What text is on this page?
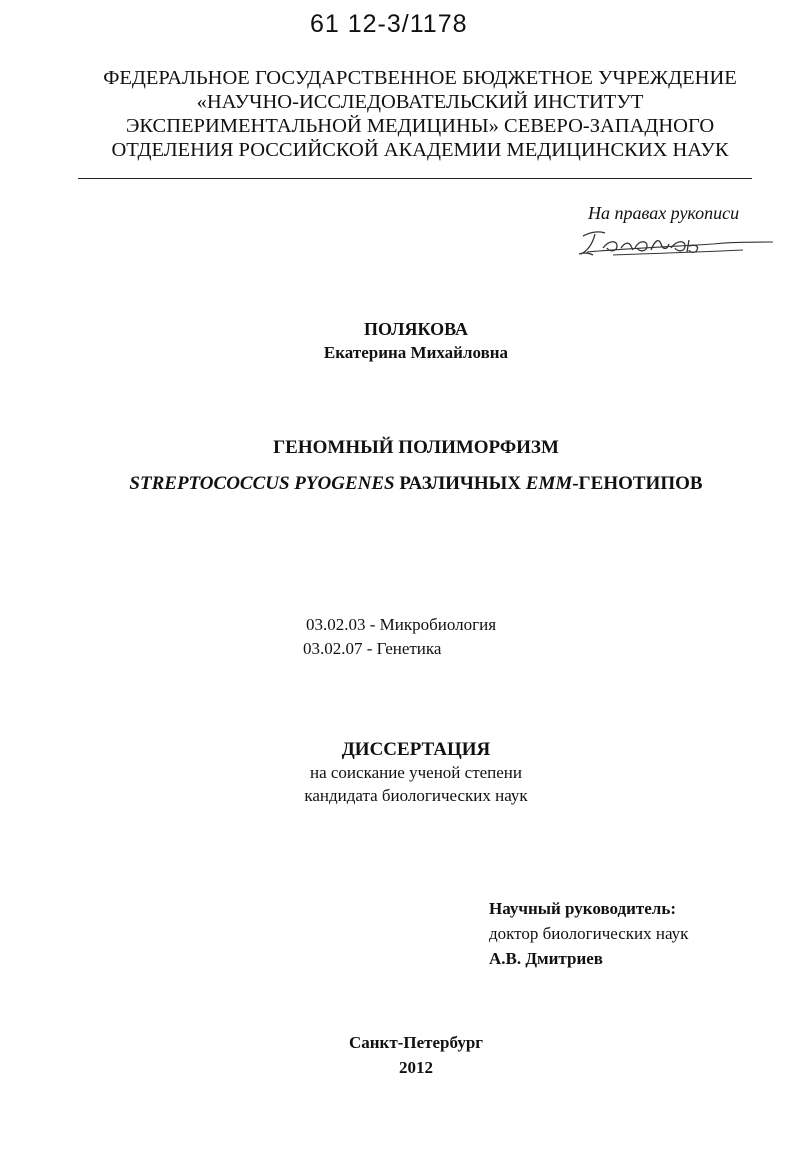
61 12-3/1178
ФЕДЕРАЛЬНОЕ ГОСУДАРСТВЕННОЕ БЮДЖЕТНОЕ УЧРЕЖДЕНИЕ
«НАУЧНО-ИССЛЕДОВАТЕЛЬСКИЙ ИНСТИТУТ
ЭКСПЕРИМЕНТАЛЬНОЙ МЕДИЦИНЫ» СЕВЕРО-ЗАПАДНОГО
ОТДЕЛЕНИЯ РОССИЙСКОЙ АКАДЕМИИ МЕДИЦИНСКИХ НАУК
На правах рукописи
ПОЛЯКОВА
Екатерина Михайловна
ГЕНОМНЫЙ ПОЛИМОРФИЗМ
STREPTOCOCCUS PYOGENES РАЗЛИЧНЫХ EMM-ГЕНОТИПОВ
03.02.03 - Микробиология
03.02.07 - Генетика
ДИССЕРТАЦИЯ
на соискание ученой степени
кандидата биологических наук
Научный руководитель:
доктор биологических наук
А.В. Дмитриев
Санкт-Петербург
2012
